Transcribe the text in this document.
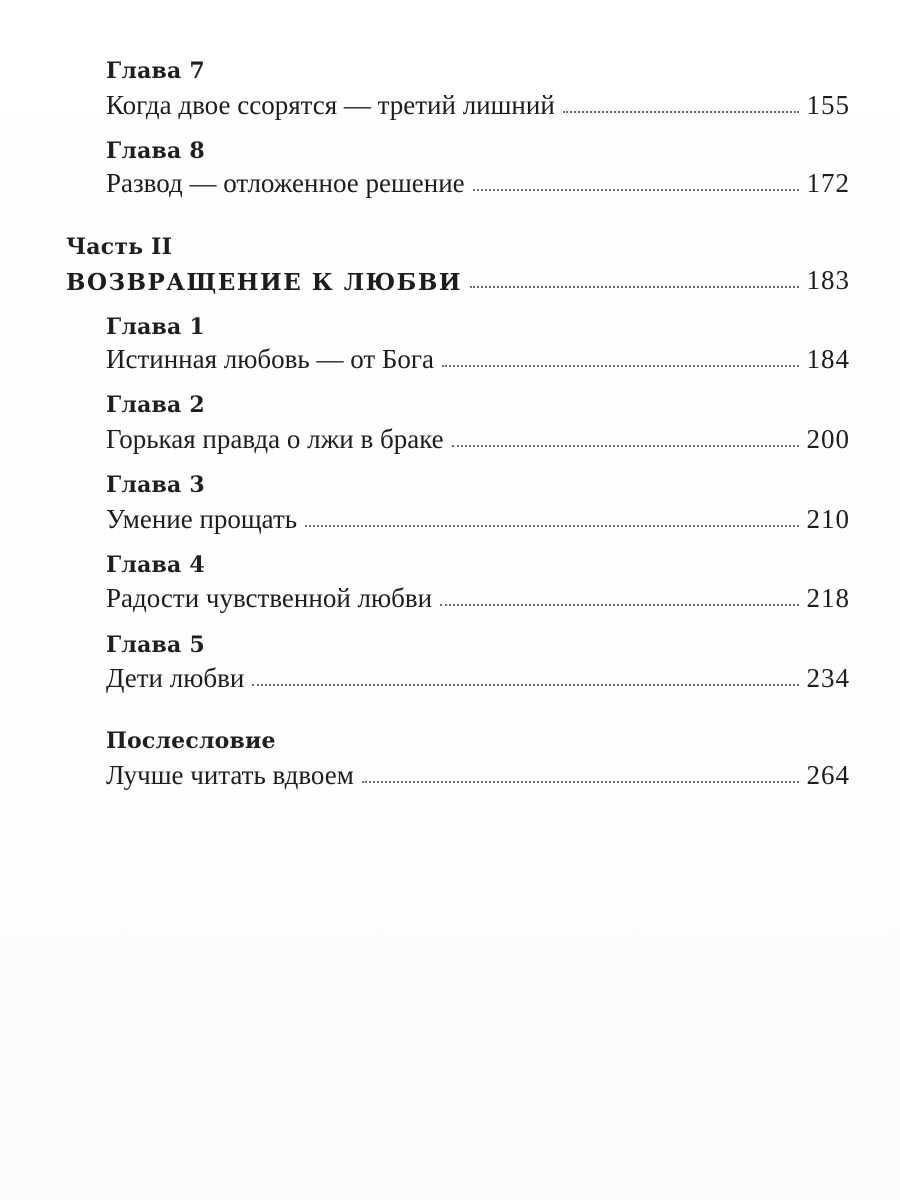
Глава 7
Когда двое ссорятся — третий лишний	155
Глава 8
Развод — отложенное решение	172
Часть II
ВОЗВРАЩЕНИЕ К ЛЮБВИ	183
Глава 1
Истинная любовь — от Бога	184
Глава 2
Горькая правда о лжи в браке	200
Глава 3
Умение прощать	210
Глава 4
Радости чувственной любви	218
Глава 5
Дети любви	234
Послесловие
Лучше читать вдвоем	264
